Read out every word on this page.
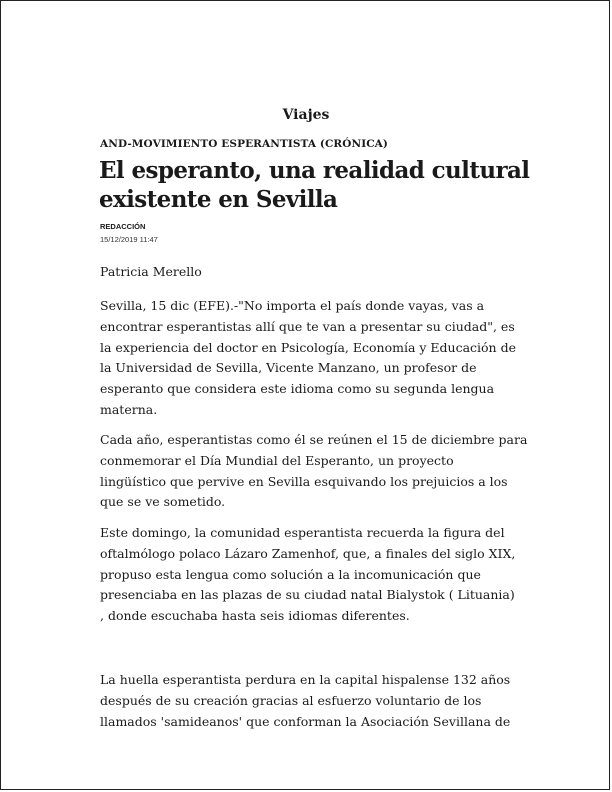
Viajes

AND-MOVIMIENTO ESPERANTISTA (CRÓNICA)

El esperanto, una realidad cultural
existente en Sevilla

REDACCIÓN

15/12/2019 11:47

Patricia Merello

Sevilla, 15 dic (EFE).-"No importa el país donde vayas, vas a
encontrar esperantistas allí que te van a presentar su ciudad", es
la experiencia del doctor en Psicología, Economía y Educación de
la Universidad de Sevilla, Vicente Manzano, un profesor de
esperanto que considera este idioma como su segunda lengua
materna.
Cada año, esperantistas como él se reúnen el 15 de diciembre para
conmemorar el Día Mundial del Esperanto, un proyecto
lingüístico que pervive en Sevilla esquivando los prejuicios a los
que se ve sometido.
Este domingo, la comunidad esperantista recuerda la figura del
oftalmólogo polaco Lázaro Zamenhof, que, a finales del siglo XIX,
propuso esta lengua como solución a la incomunicación que
presenciaba en las plazas de su ciudad natal Bialystok ( Lituania)
, donde escuchaba hasta seis idiomas diferentes.
La huella esperantista perdura en la capital hispalense 132 años
después de su creación gracias al esfuerzo voluntario de los
llamados 'samideanos' que conforman la Asociación Sevillana de
